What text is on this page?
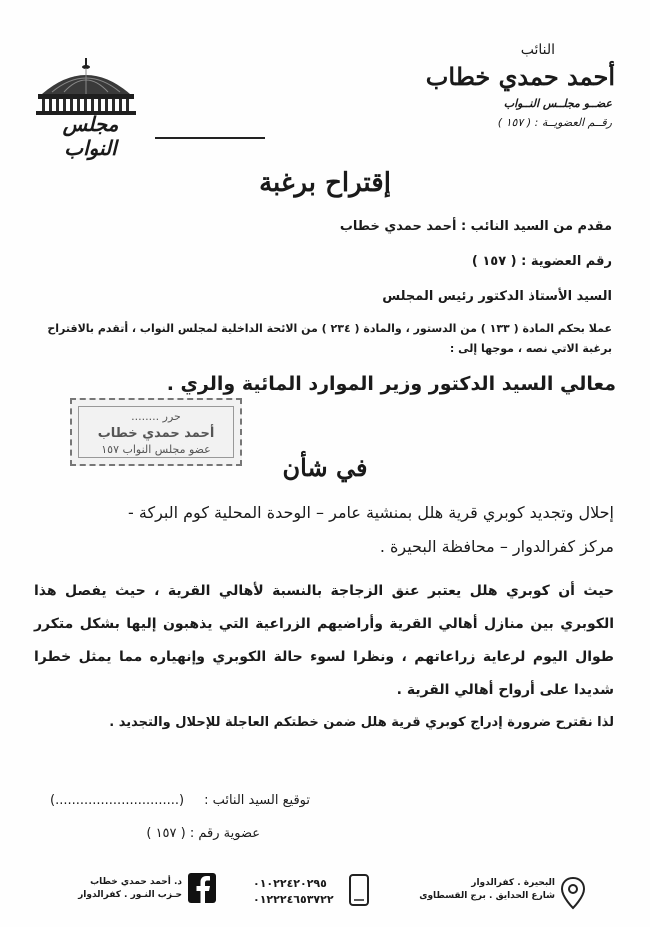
النائب
أحمد حمدي خطاب
عضــو مجلــس النــواب
رقــم العضويــة : ( ١٥٧ )
مجلس النواب
إقتراح برغبة
مقدم من السيد النائب : أحمد حمدي خطاب
رقم العضوية : ( ١٥٧ )
السيد الأستاذ الدكتور رئيس المجلس
عملا بحكم المادة ( ١٣٣ ) من الدستور ، والمادة ( ٢٣٤ ) من الائحة الداخلية لمجلس النواب ، أتقدم بالاقتراح برغبة الاتي نصه ، موجها إلى :
معالي السيد الدكتور وزير الموارد المائية والري .
حرر ........
أحمد حمدي خطاب
عضو مجلس النواب ١٥٧
في شأن
إحلال وتجديد كوبري قرية هلل بمنشية عامر – الوحدة المحلية كوم البركة -
مركز كفرالدوار – محافظة البحيرة .
حيث أن كوبري هلل يعتبر عنق الزجاجة بالنسبة لأهالي القرية ، حيث يفصل هذا الكوبري بين منازل أهالي القرية وأراضيهم الزراعية التي يذهبون إليها بشكل متكرر طوال اليوم لرعاية زراعاتهم ، ونظرا لسوء حالة الكوبري وإنهياره مما يمثل خطرا شديدا على أرواح أهالي القرية .
لذا نقترح ضرورة إدراج كوبري قرية هلل ضمن خطتكم العاجلة للإحلال والتجديد .
توقيع السيد النائب :
(..............................)
عضوية رقم : ( ١٥٧ )
البحيرة . كفرالدوار
شارع الحدايق . برج القسطاوى
٠١٠٢٢٤٢٠٢٩٥
٠١٢٢٢٤٦٥٣٧٢٢
د. أحمد حمدي خطاب
حـزب النـور . كفرالدوار
